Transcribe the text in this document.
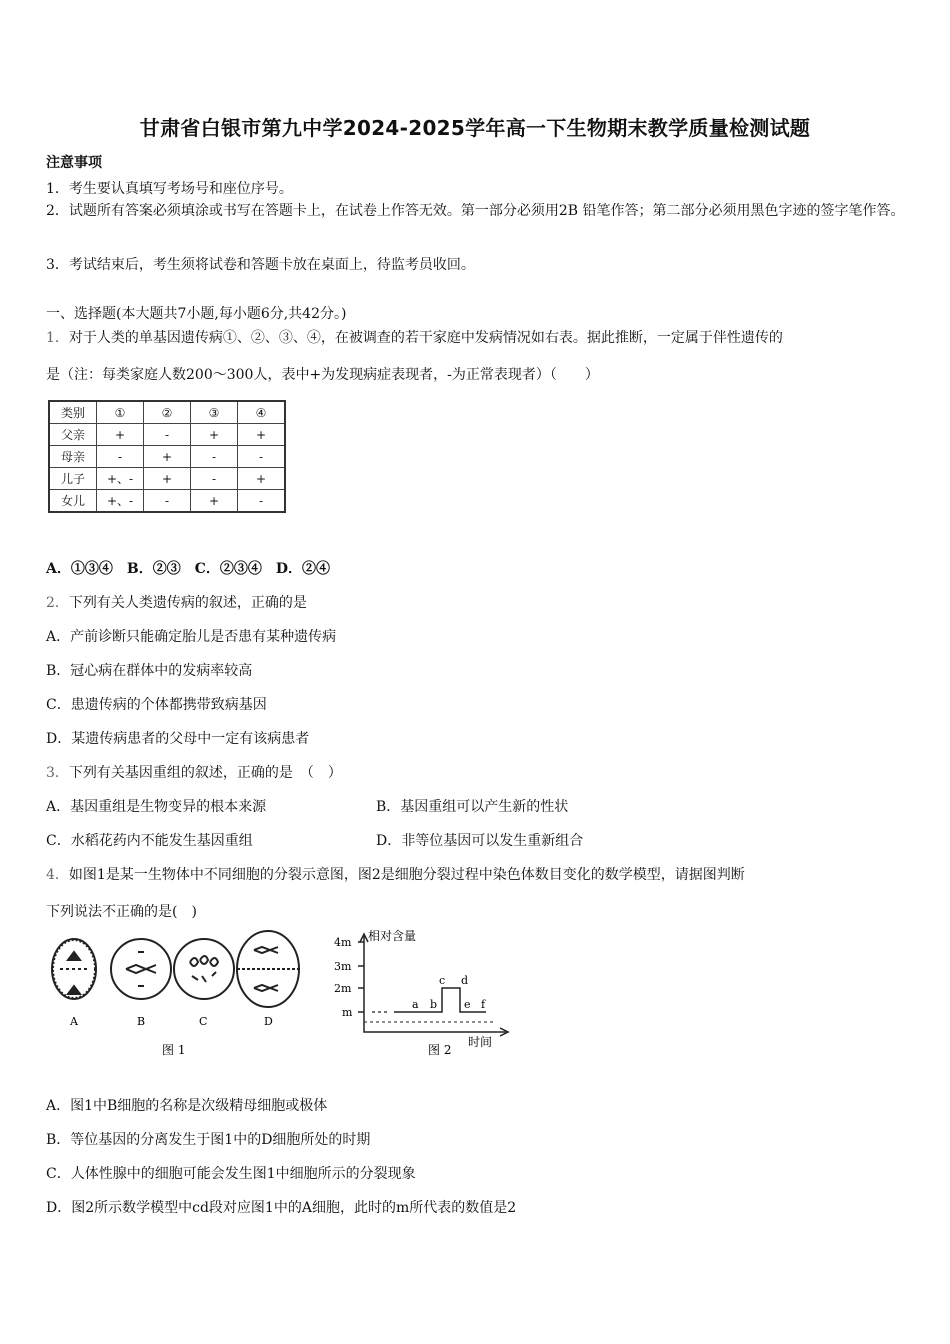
甘肃省白银市第九中学2024-2025学年高一下生物期末教学质量检测试题
注意事项
1．考生要认真填写考场号和座位序号。
2．试题所有答案必须填涂或书写在答题卡上，在试卷上作答无效。第一部分必须用2B 铅笔作答；第二部分必须用黑色字迹的签字笔作答。
3．考试结束后，考生须将试卷和答题卡放在桌面上，待监考员收回。
一、选择题(本大题共7小题,每小题6分,共42分。)
1．对于人类的单基因遗传病①、②、③、④，在被调查的若干家庭中发病情况如右表。据此推断，一定属于伴性遗传的
是（注：每类家庭人数200～300人，表中+为发现病症表现者，-为正常表现者）（　　）
类别	①	②	③	④
父亲	+	-	+	+
母亲	-	+	-	-
儿子	+、-	+	-	+
女儿	+、-	-	+	-
A．①③④　B．②③　C．②③④　D．②④
2．下列有关人类遗传病的叙述，正确的是
A．产前诊断只能确定胎儿是否患有某种遗传病
B．冠心病在群体中的发病率较高
C．患遗传病的个体都携带致病基因
D．某遗传病患者的父母中一定有该病患者
3．下列有关基因重组的叙述，正确的是　（　）
A．基因重组是生物变异的根本来源	B．基因重组可以产生新的性状
C．水稻花药内不能发生基因重组	D．非等位基因可以发生重新组合
4．如图1是某一生物体中不同细胞的分裂示意图，图2是细胞分裂过程中染色体数目变化的数学模型，请据图判断
下列说法不正确的是(　)
A	B	C	D
图 1
4m
3m
2m
m
相对含量
时间
a b
c d
e f
图 2
A．图1中B细胞的名称是次级精母细胞或极体
B．等位基因的分离发生于图1中的D细胞所处的时期
C．人体性腺中的细胞可能会发生图1中细胞所示的分裂现象
D．图2所示数学模型中cd段对应图1中的A细胞，此时的m所代表的数值是2
